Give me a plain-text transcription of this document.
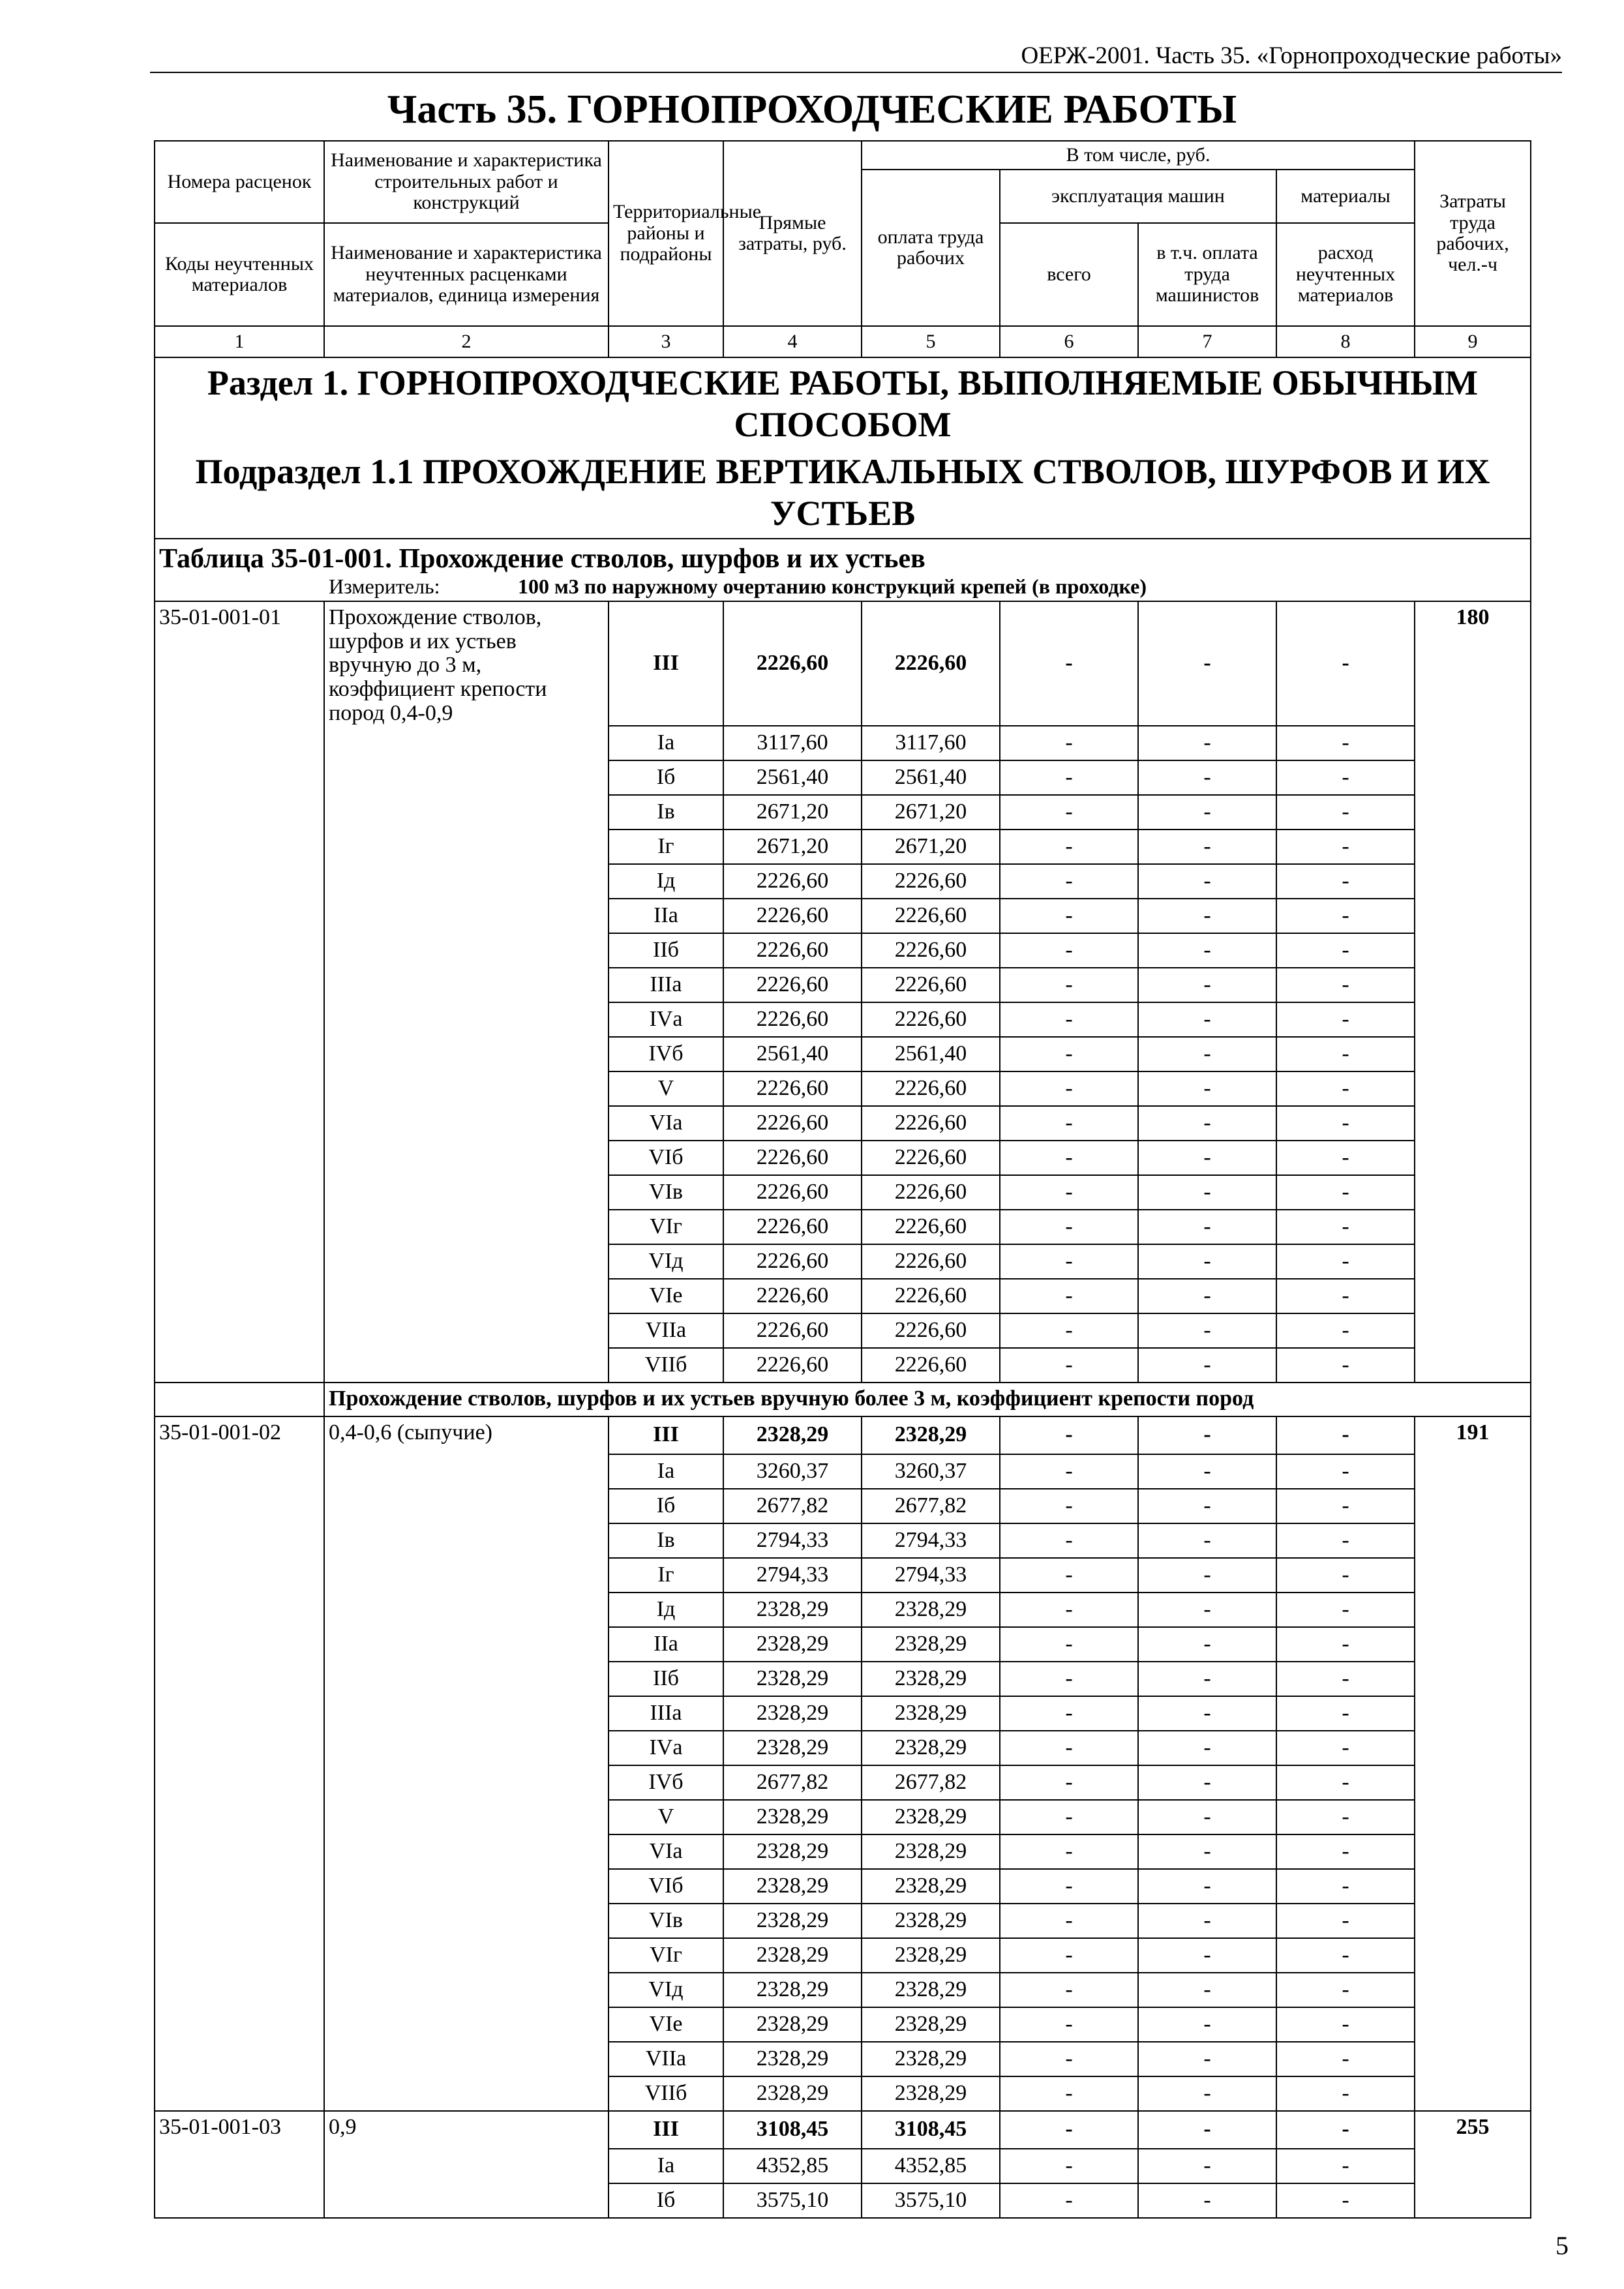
ОЕРЖ-2001. Часть 35. «Горнопроходческие работы»
Часть 35. ГОРНОПРОХОДЧЕСКИЕ РАБОТЫ
Номера расценок	Наименование и характеристика строительных работ и конструкций	Территориальные районы и подрайоны	Прямые затраты, руб.	В том числе, руб.				Затраты труда рабочих, чел.-ч
				оплата труда рабочих	эксплуатация машин		материалы	
Коды неучтенных материалов	Наименование и характеристика неучтенных расценками материалов, единица измерения				всего	в т.ч. оплата труда машинистов	расход неучтенных материалов	

1	2	3	4	5	6	7	8	9

Раздел 1. ГОРНОПРОХОДЧЕСКИЕ РАБОТЫ, ВЫПОЛНЯЕМЫЕ ОБЫЧНЫМ СПОСОБОМ
Подраздел 1.1 ПРОХОЖДЕНИЕ ВЕРТИКАЛЬНЫХ СТВОЛОВ, ШУРФОВ И ИХ УСТЬЕВ								

Таблица 35-01-001. Прохождение стволов, шурфов и их устьев								
Измеритель: 100 м3 по наружному очертанию конструкций крепей (в проходке)								
35-01-001-01	Прохождение стволов, шурфов и их устьев вручную до 3 м, коэффициент крепости пород 0,4-0,9	III	2226,60	2226,60	-	-	-	180
		Iа	3117,60	3117,60	-	-	-	
		Iб	2561,40	2561,40	-	-	-	
		Iв	2671,20	2671,20	-	-	-	
		Iг	2671,20	2671,20	-	-	-	
		Iд	2226,60	2226,60	-	-	-	
		IIа	2226,60	2226,60	-	-	-	
		IIб	2226,60	2226,60	-	-	-	
		IIIа	2226,60	2226,60	-	-	-	
		IVа	2226,60	2226,60	-	-	-	
		IVб	2561,40	2561,40	-	-	-	
		V	2226,60	2226,60	-	-	-	
		VIа	2226,60	2226,60	-	-	-	
		VIб	2226,60	2226,60	-	-	-	
		VIв	2226,60	2226,60	-	-	-	
		VIг	2226,60	2226,60	-	-	-	
		VIд	2226,60	2226,60	-	-	-	
		VIе	2226,60	2226,60	-	-	-	
		VIIа	2226,60	2226,60	-	-	-	
		VIIб	2226,60	2226,60	-	-	-	
	Прохождение стволов, шурфов и их устьев вручную более 3 м, коэффициент крепости пород							
35-01-001-02	0,4-0,6 (сыпучие)	III	2328,29	2328,29	-	-	-	191
		Iа	3260,37	3260,37	-	-	-	
		Iб	2677,82	2677,82	-	-	-	
		Iв	2794,33	2794,33	-	-	-	
		Iг	2794,33	2794,33	-	-	-	
		Iд	2328,29	2328,29	-	-	-	
		IIа	2328,29	2328,29	-	-	-	
		IIб	2328,29	2328,29	-	-	-	
		IIIа	2328,29	2328,29	-	-	-	
		IVа	2328,29	2328,29	-	-	-	
		IVб	2677,82	2677,82	-	-	-	
		V	2328,29	2328,29	-	-	-	
		VIа	2328,29	2328,29	-	-	-	
		VIб	2328,29	2328,29	-	-	-	
		VIв	2328,29	2328,29	-	-	-	
		VIг	2328,29	2328,29	-	-	-	
		VIд	2328,29	2328,29	-	-	-	
		VIе	2328,29	2328,29	-	-	-	
		VIIа	2328,29	2328,29	-	-	-	
		VIIб	2328,29	2328,29	-	-	-	
35-01-001-03	0,9	III	3108,45	3108,45	-	-	-	255
		Iа	4352,85	4352,85	-	-	-	
		Iб	3575,10	3575,10	-	-	-	
5
